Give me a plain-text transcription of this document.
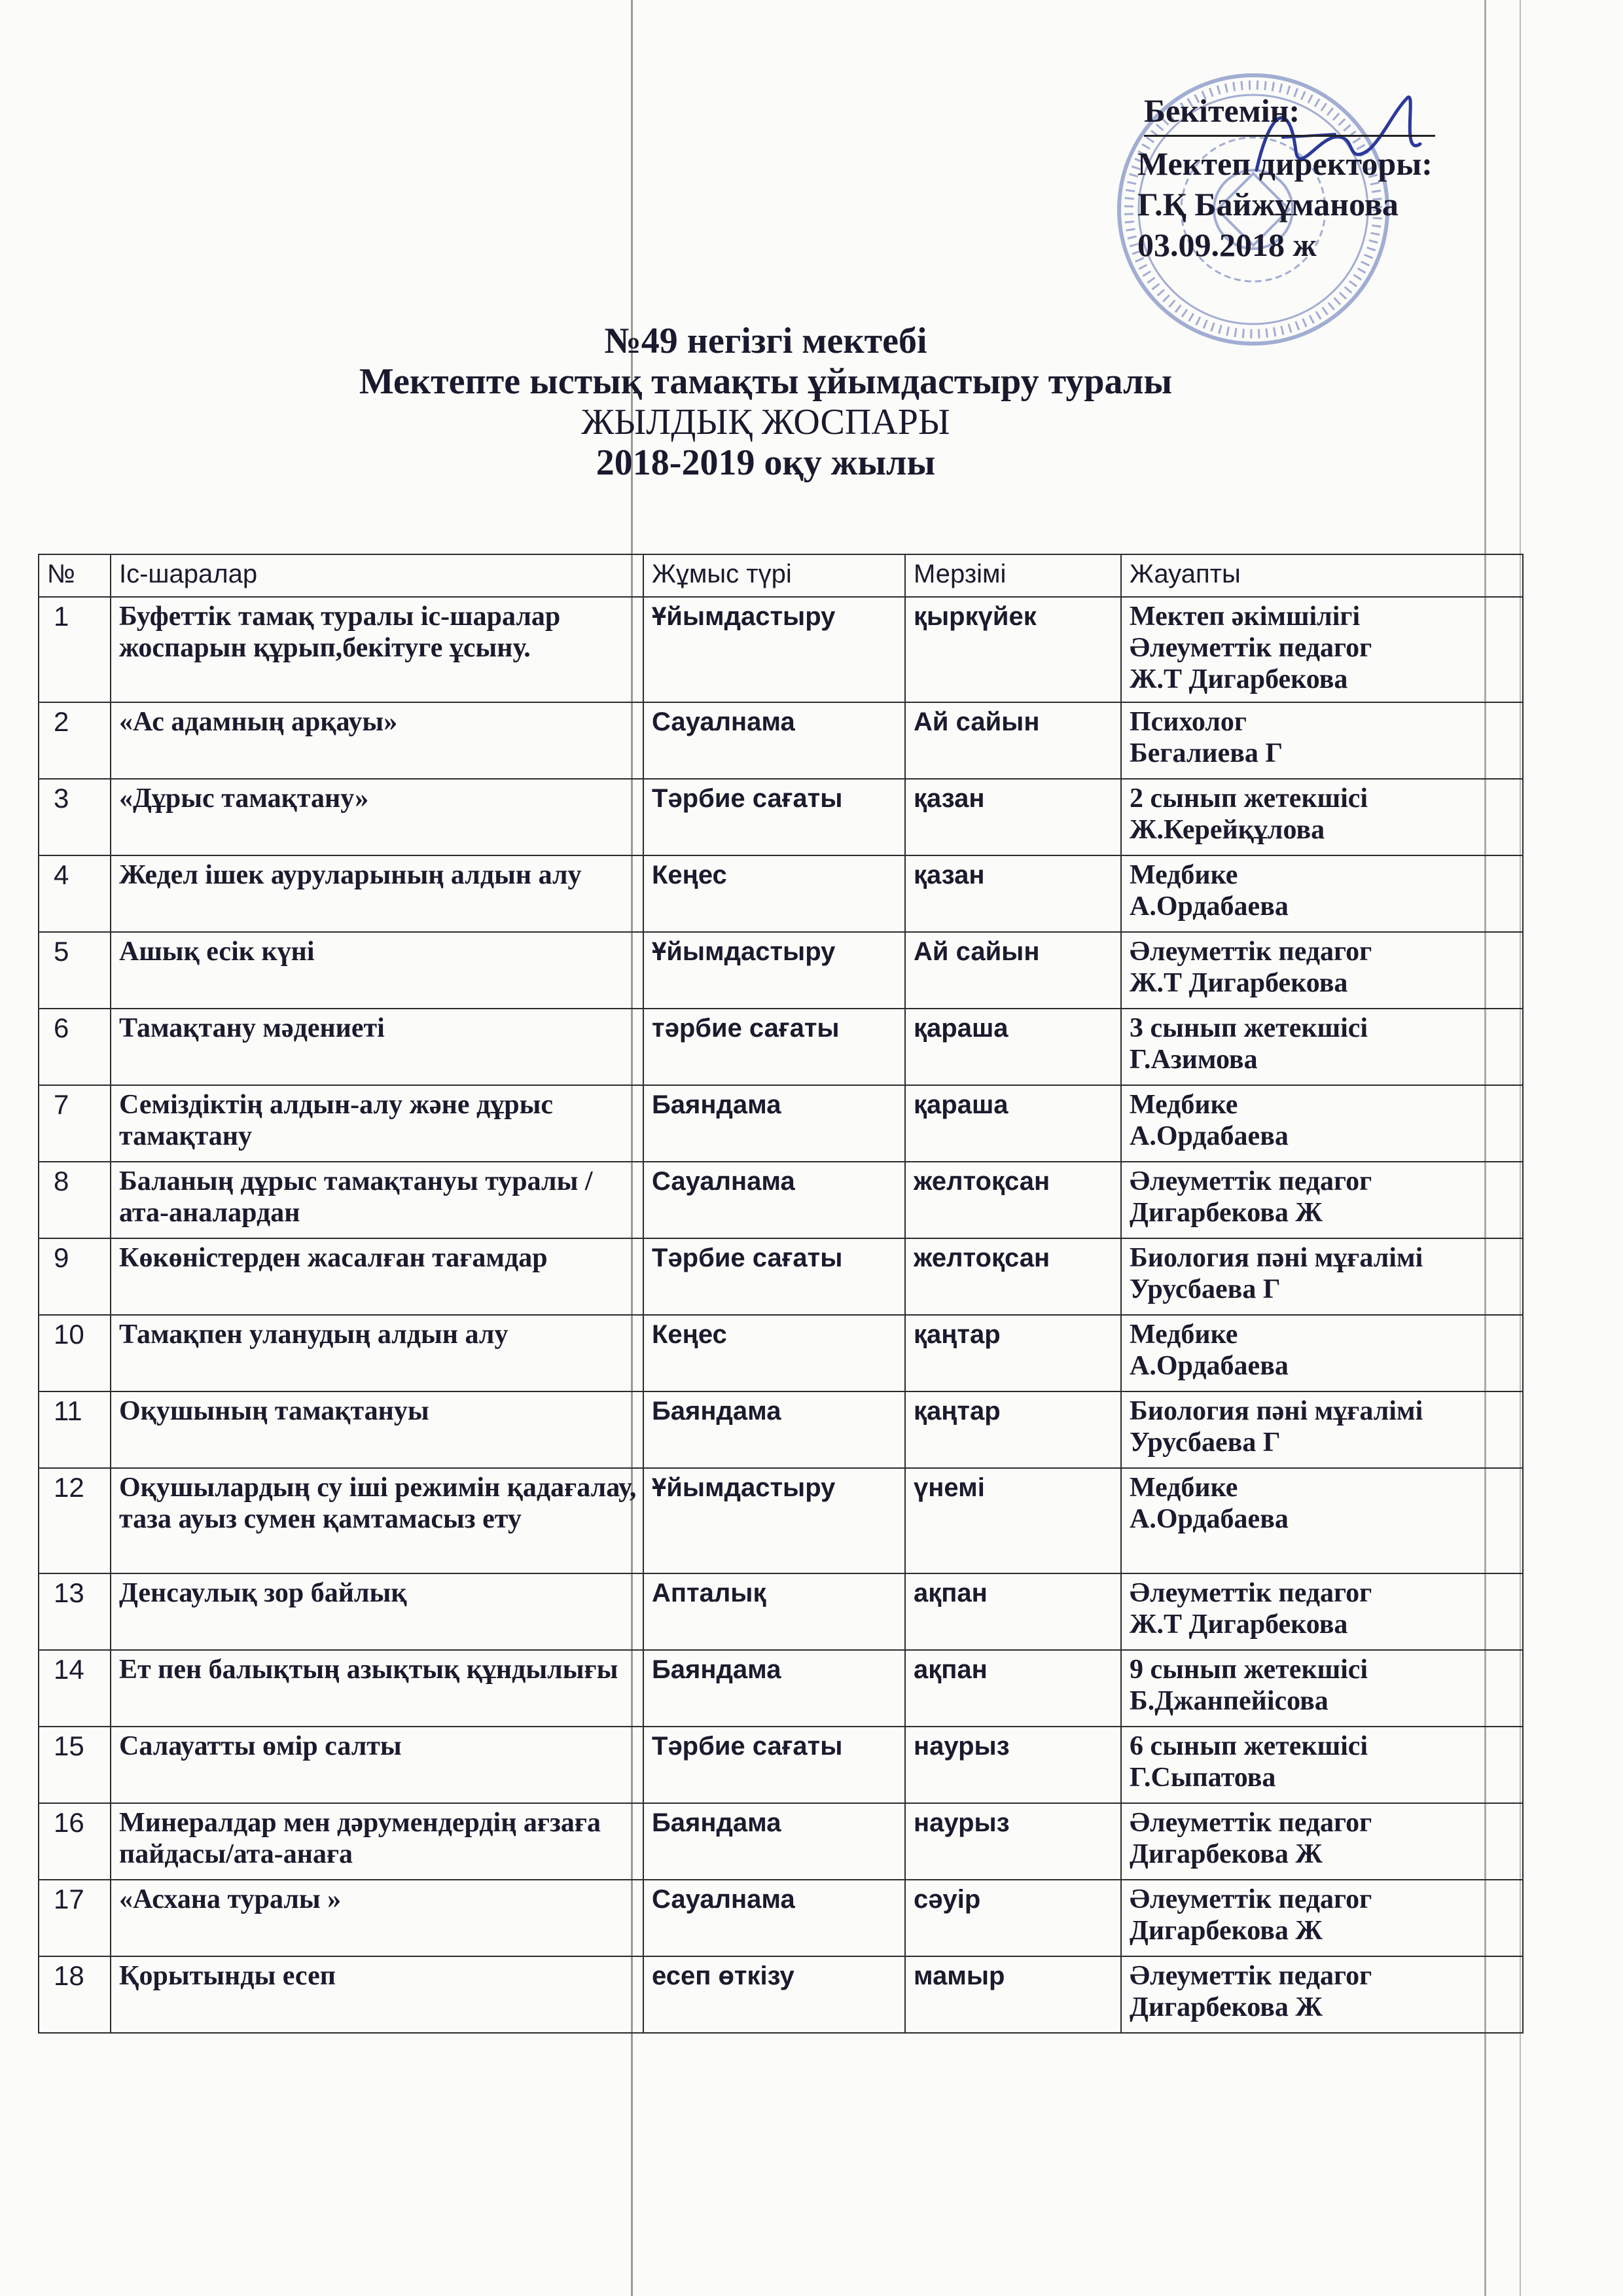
Бекітемін:
Мектеп директоры:
Г.Қ Байжұманова
03.09.2018 ж
№49 негізгі мектебі
Мектепте ыстық тамақты ұйымдастыру туралы
ЖЫЛДЫҚ ЖОСПАРЫ
2018-2019 оқу жылы
№	Іс-шаралар	Жұмыс түрі	Мерзімі	Жауапты
1	Буфеттік тамақ туралы іс-шаралар жоспарын құрып,бекітуге ұсыну.	Ұйымдастыру	қыркүйек	Мектеп әкімшілігі
Әлеуметтік педагог
Ж.Т Дигарбекова
2	«Ас адамның арқауы»	Сауалнама	Ай сайын	Психолог
Бегалиева Г
3	«Дұрыс тамақтану»	Тәрбие сағаты	қазан	2 сынып жетекшісі
Ж.Керейқұлова
4	Жедел ішек ауруларының алдын алу	Кеңес	қазан	Медбике
А.Ордабаева
5	Ашық есік күні	Ұйымдастыру	Ай сайын	Әлеуметтік педагог
Ж.Т Дигарбекова
6	Тамақтану мәдениеті	тәрбие сағаты	қараша	3 сынып жетекшісі
Г.Азимова
7	Семіздіктің алдын-алу және дұрыс тамақтану	Баяндама	қараша	Медбике
А.Ордабаева
8	Баланың дұрыс тамақтануы туралы /ата-аналардан	Сауалнама	желтоқсан	Әлеуметтік педагог
Дигарбекова Ж
9	Көкөністерден жасалған тағамдар	Тәрбие сағаты	желтоқсан	Биология пәні мұғалімі
Урусбаева Г
10	Тамақпен уланудың алдын алу	Кеңес	қаңтар	Медбике
А.Ордабаева
11	Оқушының тамақтануы	Баяндама	қаңтар	Биология пәні мұғалімі
Урусбаева Г
12	Оқушылардың су іші режимін қадағалау, таза ауыз сумен қамтамасыз ету	Ұйымдастыру	үнемі	Медбике
А.Ордабаева
13	Денсаулық зор байлық	Апталық	ақпан	Әлеуметтік педагог
Ж.Т Дигарбекова
14	Ет пен балықтың азықтық құндылығы	Баяндама	ақпан	9 сынып жетекшісі
Б.Джанпейісова
15	Салауатты өмір салты	Тәрбие сағаты	наурыз	6 сынып жетекшісі
Г.Сыпатова
16	Минералдар мен дәрумендердің ағзаға пайдасы/ата-анаға	Баяндама	наурыз	Әлеуметтік педагог
Дигарбекова Ж
17	«Асхана туралы »	Сауалнама	сәуір	Әлеуметтік педагог
Дигарбекова Ж
18	Қорытынды есеп	есеп өткізу	мамыр	Әлеуметтік педагог
Дигарбекова Ж
